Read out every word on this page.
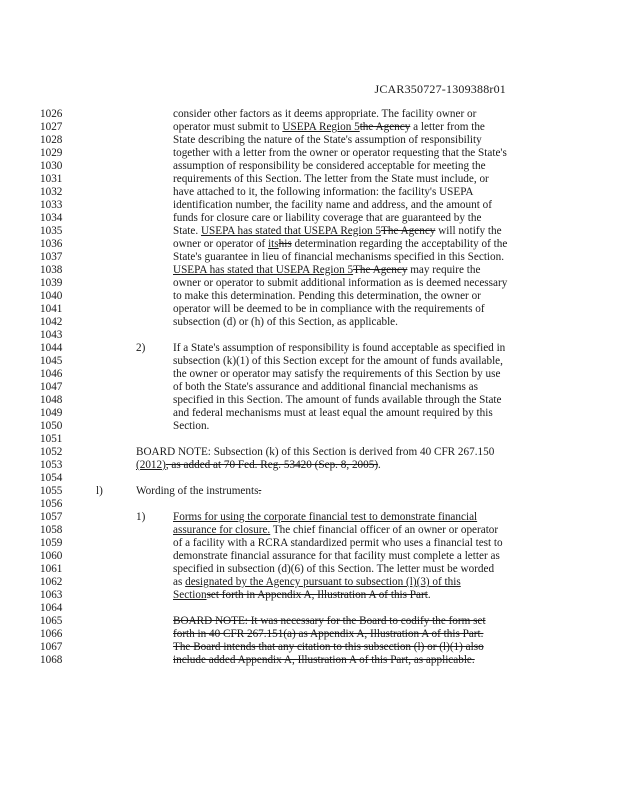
JCAR350727-1309388r01
1026	consider other factors as it deems appropriate. The facility owner or
1027	operator must submit to USEPA Region 5the Agency a letter from the
1028	State describing the nature of the State's assumption of responsibility
1029	together with a letter from the owner or operator requesting that the State's
1030	assumption of responsibility be considered acceptable for meeting the
1031	requirements of this Section. The letter from the State must include, or
1032	have attached to it, the following information: the facility's USEPA
1033	identification number, the facility name and address, and the amount of
1034	funds for closure care or liability coverage that are guaranteed by the
1035	State. USEPA has stated that USEPA Region 5The Agency will notify the
1036	owner or operator of itshis determination regarding the acceptability of the
1037	State's guarantee in lieu of financial mechanisms specified in this Section.
1038	USEPA has stated that USEPA Region 5The Agency may require the
1039	owner or operator to submit additional information as is deemed necessary
1040	to make this determination. Pending this determination, the owner or
1041	operator will be deemed to be in compliance with the requirements of
1042	subsection (d) or (h) of this Section, as applicable.
1043
1044	2) If a State's assumption of responsibility is found acceptable as specified in
1045	subsection (k)(1) of this Section except for the amount of funds available,
1046	the owner or operator may satisfy the requirements of this Section by use
1047	of both the State's assurance and additional financial mechanisms as
1048	specified in this Section. The amount of funds available through the State
1049	and federal mechanisms must at least equal the amount required by this
1050	Section.
1051
1052	BOARD NOTE: Subsection (k) of this Section is derived from 40 CFR 267.150
1053	(2012), as added at 70 Fed. Reg. 53420 (Sep. 8, 2005).
1054
1055	l)	Wording of the instruments.
1056
1057	1) Forms for using the corporate financial test to demonstrate financial
1058	assurance for closure. The chief financial officer of an owner or operator
1059	of a facility with a RCRA standardized permit who uses a financial test to
1060	demonstrate financial assurance for that facility must complete a letter as
1061	specified in subsection (d)(6) of this Section. The letter must be worded
1062	as designated by the Agency pursuant to subsection (l)(3) of this
1063	Sectionset forth in Appendix A, Illustration A of this Part.
1064
1065	BOARD NOTE: It was necessary for the Board to codify the form set
1066	forth in 40 CFR 267.151(a) as Appendix A, Illustration A of this Part.
1067	The Board intends that any citation to this subsection (l) or (l)(1) also
1068	include added Appendix A, Illustration A of this Part, as applicable.
